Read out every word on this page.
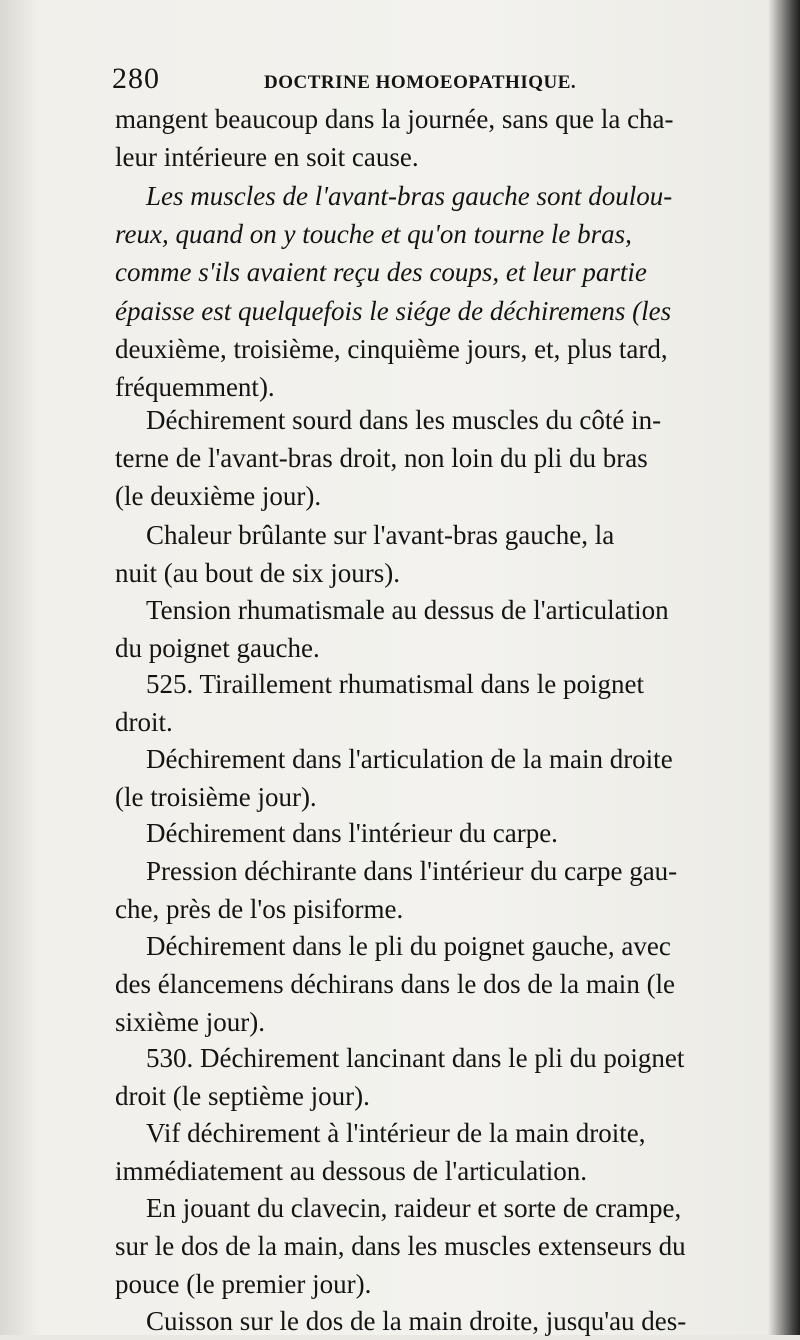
280	DOCTRINE HOMOEOPATHIQUE.
mangent beaucoup dans la journée, sans que la cha-
leur intérieure en soit cause.
Les muscles de l'avant-bras gauche sont doulou-
reux, quand on y touche et qu'on tourne le bras,
comme s'ils avaient reçu des coups, et leur partie
épaisse est quelquefois le siége de déchiremens (les
deuxième, troisième, cinquième jours, et, plus tard,
fréquemment).
Déchirement sourd dans les muscles du côté in-
terne de l'avant-bras droit, non loin du pli du bras
(le deuxième jour).
Chaleur brûlante sur l'avant-bras gauche, la
nuit (au bout de six jours).
Tension rhumatismale au dessus de l'articulation
du poignet gauche.
525. Tiraillement rhumatismal dans le poignet
droit.
Déchirement dans l'articulation de la main droite
(le troisième jour).
Déchirement dans l'intérieur du carpe.
Pression déchirante dans l'intérieur du carpe gau-
che, près de l'os pisiforme.
Déchirement dans le pli du poignet gauche, avec
des élancemens déchirans dans le dos de la main (le
sixième jour).
530. Déchirement lancinant dans le pli du poignet
droit (le septième jour).
Vif déchirement à l'intérieur de la main droite,
immédiatement au dessous de l'articulation.
En jouant du clavecin, raideur et sorte de crampe,
sur le dos de la main, dans les muscles extenseurs du
pouce (le premier jour).
Cuisson sur le dos de la main droite, jusqu'au des-
